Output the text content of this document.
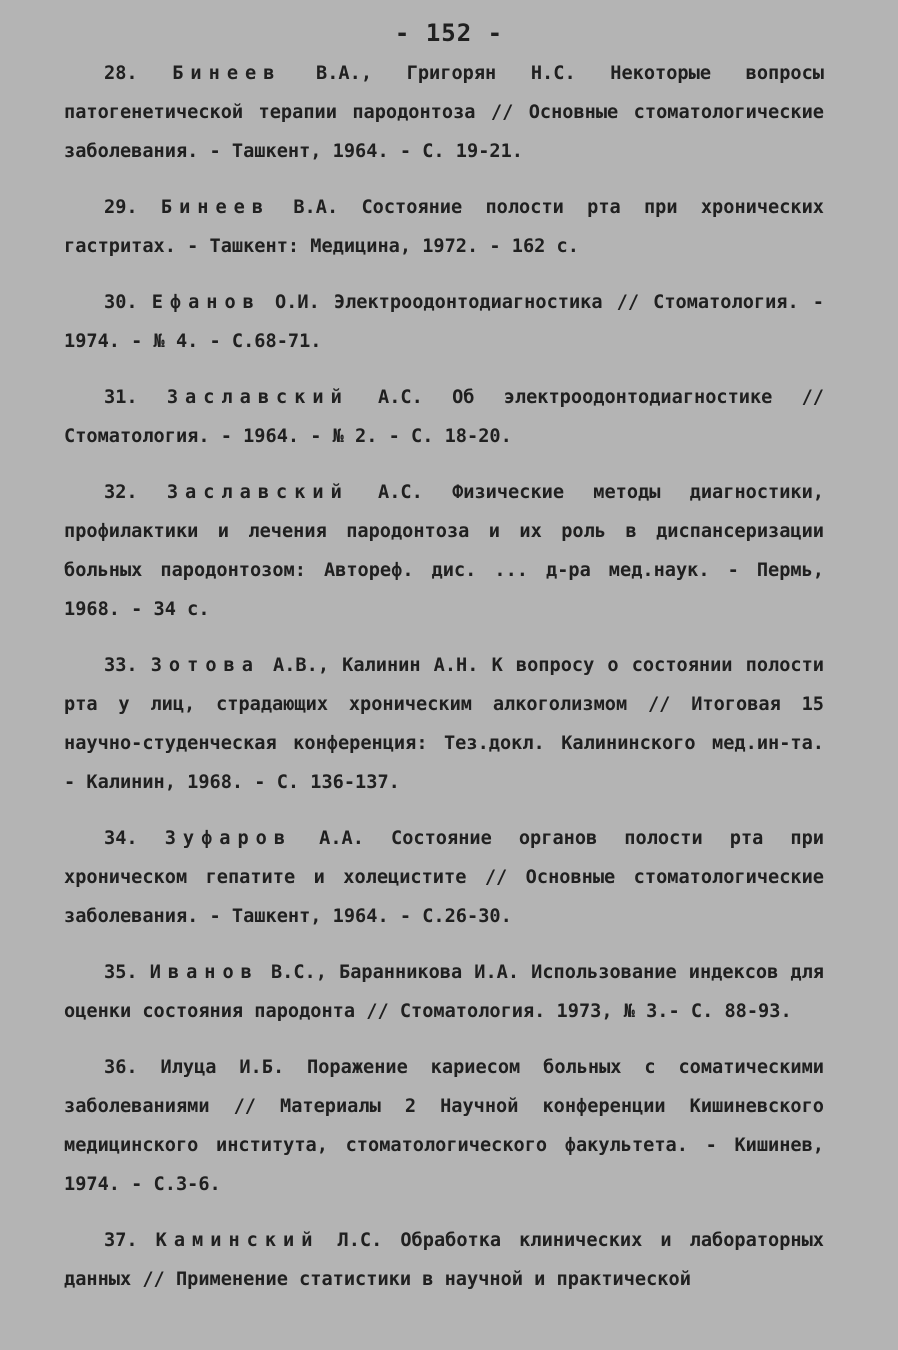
- 152 -

28. Бинеев В.А., Григорян Н.С. Некоторые вопросы патогенетической терапии пародонтоза // Основные стоматологические заболевания. - Ташкент, 1964. - С. 19-21.

29. Бинеев В.А. Состояние полости рта при хронических гастритах. - Ташкент: Медицина, 1972. - 162 с.

30. Ефанов О.И. Электроодонтодиагностика // Стоматология. - 1974. - № 4. - С.68-71.

31. Заславский А.С. Об электроодонтодиагностике // Стоматология. - 1964. - № 2. - С. 18-20.

32. Заславский А.С. Физические методы диагностики, профилактики и лечения пародонтоза и их роль в диспансеризации больных пародонтозом: Автореф. дис. ... д-ра мед.наук. - Пермь, 1968. - 34 с.

33. Зотова А.В., Калинин А.Н. К вопросу о состоянии полости рта у лиц, страдающих хроническим алкоголизмом // Итоговая 15 научно-студенческая конференция: Тез.докл. Калининского мед.ин-та. - Калинин, 1968. - С. 136-137.

34. Зуфаров А.А. Состояние органов полости рта при хроническом гепатите и холецистите // Основные стоматологические заболевания. - Ташкент, 1964. - С.26-30.

35. Иванов В.С., Баранникова И.А. Использование индексов для оценки состояния пародонта // Стоматология. 1973, № 3.- С. 88-93.

36. Илуца И.Б. Поражение кариесом больных с соматическими заболеваниями // Материалы 2 Научной конференции Кишиневского медицинского института, стоматологического факультета. - Кишинев, 1974. - С.3-6.

37. Каминский Л.С. Обработка клинических и лабораторных данных // Применение статистики в научной и практической
